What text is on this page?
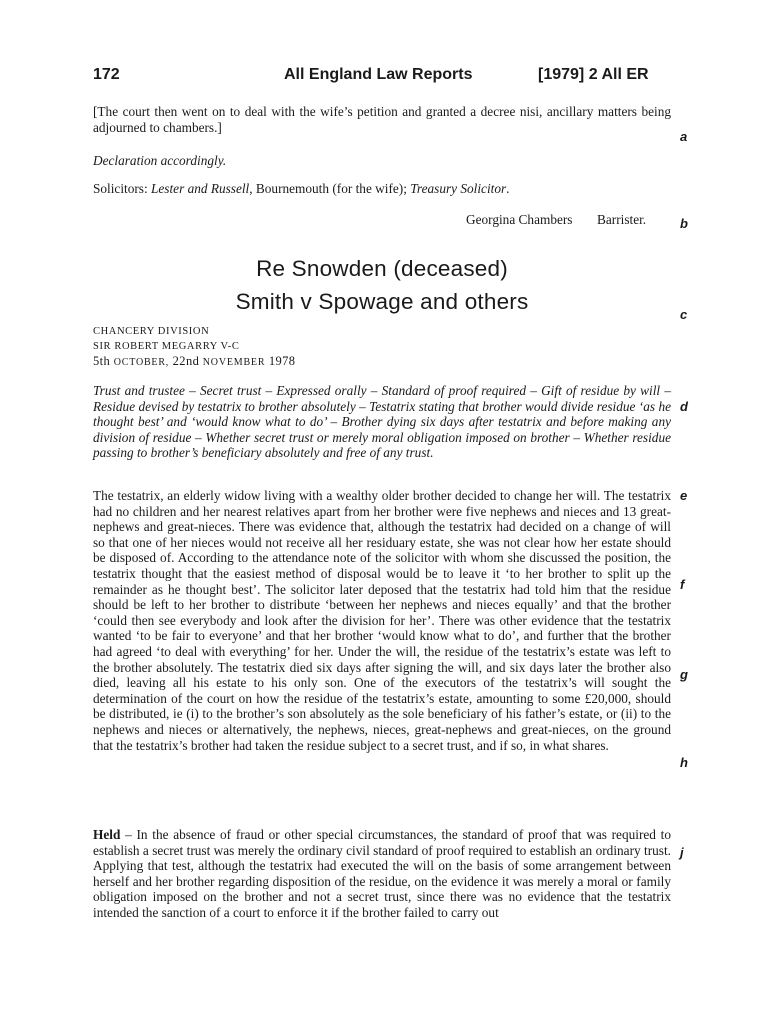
172	All England Law Reports	[1979] 2 All ER
[The court then went on to deal with the wife’s petition and granted a decree nisi, ancillary matters being adjourned to chambers.]
Declaration accordingly.
Solicitors: Lester and Russell, Bournemouth (for the wife); Treasury Solicitor.
Georgina Chambers Barrister.
Re Snowden (deceased)
Smith v Spowage and others
CHANCERY DIVISION
SIR ROBERT MEGARRY V-C
5th OCTOBER, 22nd NOVEMBER 1978
Trust and trustee – Secret trust – Expressed orally – Standard of proof required – Gift of residue by will – Residue devised by testatrix to brother absolutely – Testatrix stating that brother would divide residue ‘as he thought best’ and ‘would know what to do’ – Brother dying six days after testatrix and before making any division of residue – Whether secret trust or merely moral obligation imposed on brother – Whether residue passing to brother’s beneficiary absolutely and free of any trust.
The testatrix, an elderly widow living with a wealthy older brother decided to change her will. The testatrix had no children and her nearest relatives apart from her brother were five nephews and nieces and 13 great-nephews and great-nieces. There was evidence that, although the testatrix had decided on a change of will so that one of her nieces would not receive all her residuary estate, she was not clear how her estate should be disposed of. According to the attendance note of the solicitor with whom she discussed the position, the testatrix thought that the easiest method of disposal would be to leave it ‘to her brother to split up the remainder as he thought best’. The solicitor later deposed that the testatrix had told him that the residue should be left to her brother to distribute ‘between her nephews and nieces equally’ and that the brother ‘could then see everybody and look after the division for her’. There was other evidence that the testatrix wanted ‘to be fair to everyone’ and that her brother ‘would know what to do’, and further that the brother had agreed ‘to deal with everything’ for her. Under the will, the residue of the testatrix’s estate was left to the brother absolutely. The testatrix died six days after signing the will, and six days later the brother also died, leaving all his estate to his only son. One of the executors of the testatrix’s will sought the determination of the court on how the residue of the testatrix’s estate, amounting to some £20,000, should be distributed, ie (i) to the brother’s son absolutely as the sole beneficiary of his father’s estate, or (ii) to the nephews and nieces or alternatively, the nephews, nieces, great-nephews and great-nieces, on the ground that the testatrix’s brother had taken the residue subject to a secret trust, and if so, in what shares.
Held – In the absence of fraud or other special circumstances, the standard of proof that was required to establish a secret trust was merely the ordinary civil standard of proof required to establish an ordinary trust. Applying that test, although the testatrix had executed the will on the basis of some arrangement between herself and her brother regarding disposition of the residue, on the evidence it was merely a moral or family obligation imposed on the brother and not a secret trust, since there was no evidence that the testatrix intended the sanction of a court to enforce it if the brother failed to carry out
a
b
c
d
e
f
g
h
j
